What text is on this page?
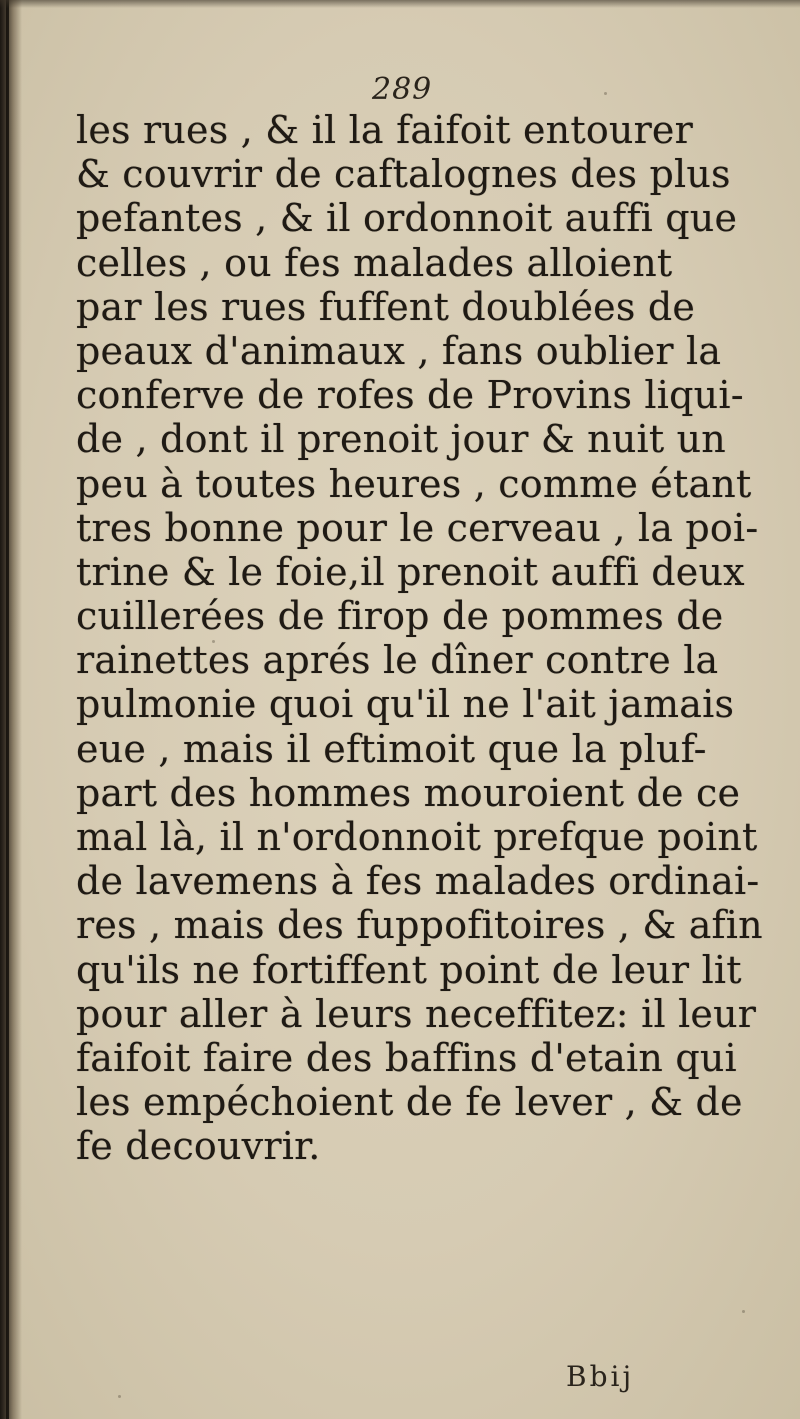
289
les rues , & il la faifoit entourer
& couvrir de caftalognes des plus
pefantes , & il ordonnoit auffi que
celles , ou fes malades alloient
par les rues fuffent doublées de
peaux d'animaux , fans oublier la
conferve de rofes de Provins liqui-
de , dont il prenoit jour & nuit un
peu à toutes heures , comme étant
tres bonne pour le cerveau , la poi-
trine & le foie,il prenoit auffi deux
cuillerées de firop de pommes de
rainettes aprés le dîner contre la
pulmonie quoi qu'il ne l'ait jamais
eue , mais il eftimoit que la pluf-
part des hommes mouroient de ce
mal là, il n'ordonnoit prefque point
de lavemens à fes malades ordinai-
res , mais des fuppofitoires , & afin
qu'ils ne fortiffent point de leur lit
pour aller à leurs neceffitez: il leur
faifoit faire des baffins d'etain qui
les empéchoient de fe lever , & de
fe decouvrir.
Bbij
